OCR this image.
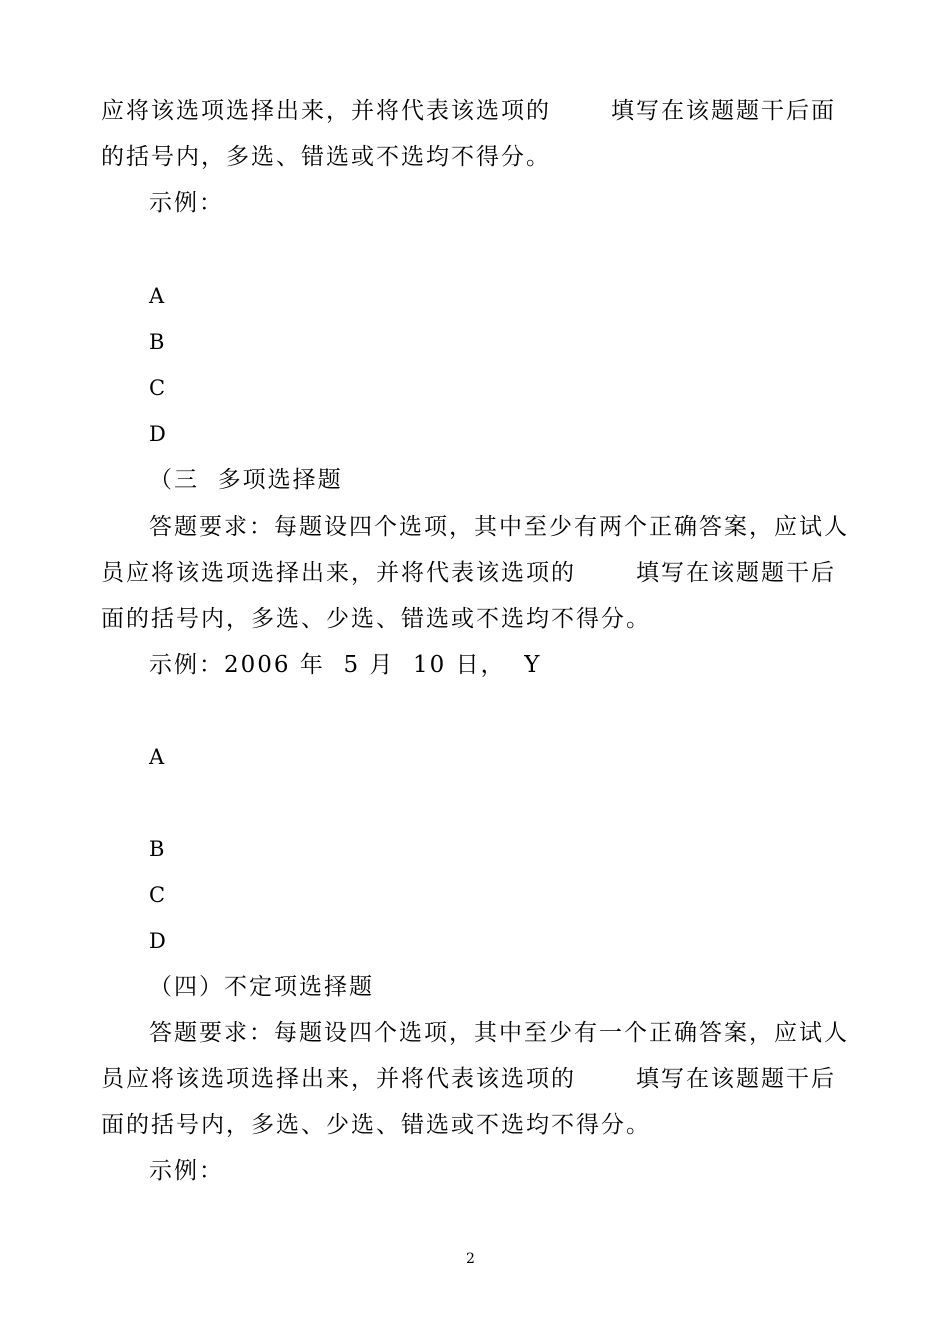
应将该选项选择出来，并将代表该选项的	填写在该题题干后面
的括号内，多选、错选或不选均不得分。
示例：
A
B
C
D
（三  多项选择题
答题要求：每题设四个选项，其中至少有两个正确答案，应试人
员应将该选项选择出来，并将代表该选项的	填写在该题题干后
面的括号内，多选、少选、错选或不选均不得分。
示例：2006 年  5 月  10 日，  Y
A
B
C
D
（四）不定项选择题
答题要求：每题设四个选项，其中至少有一个正确答案，应试人
员应将该选项选择出来，并将代表该选项的	填写在该题题干后
面的括号内，多选、少选、错选或不选均不得分。
示例：
2
